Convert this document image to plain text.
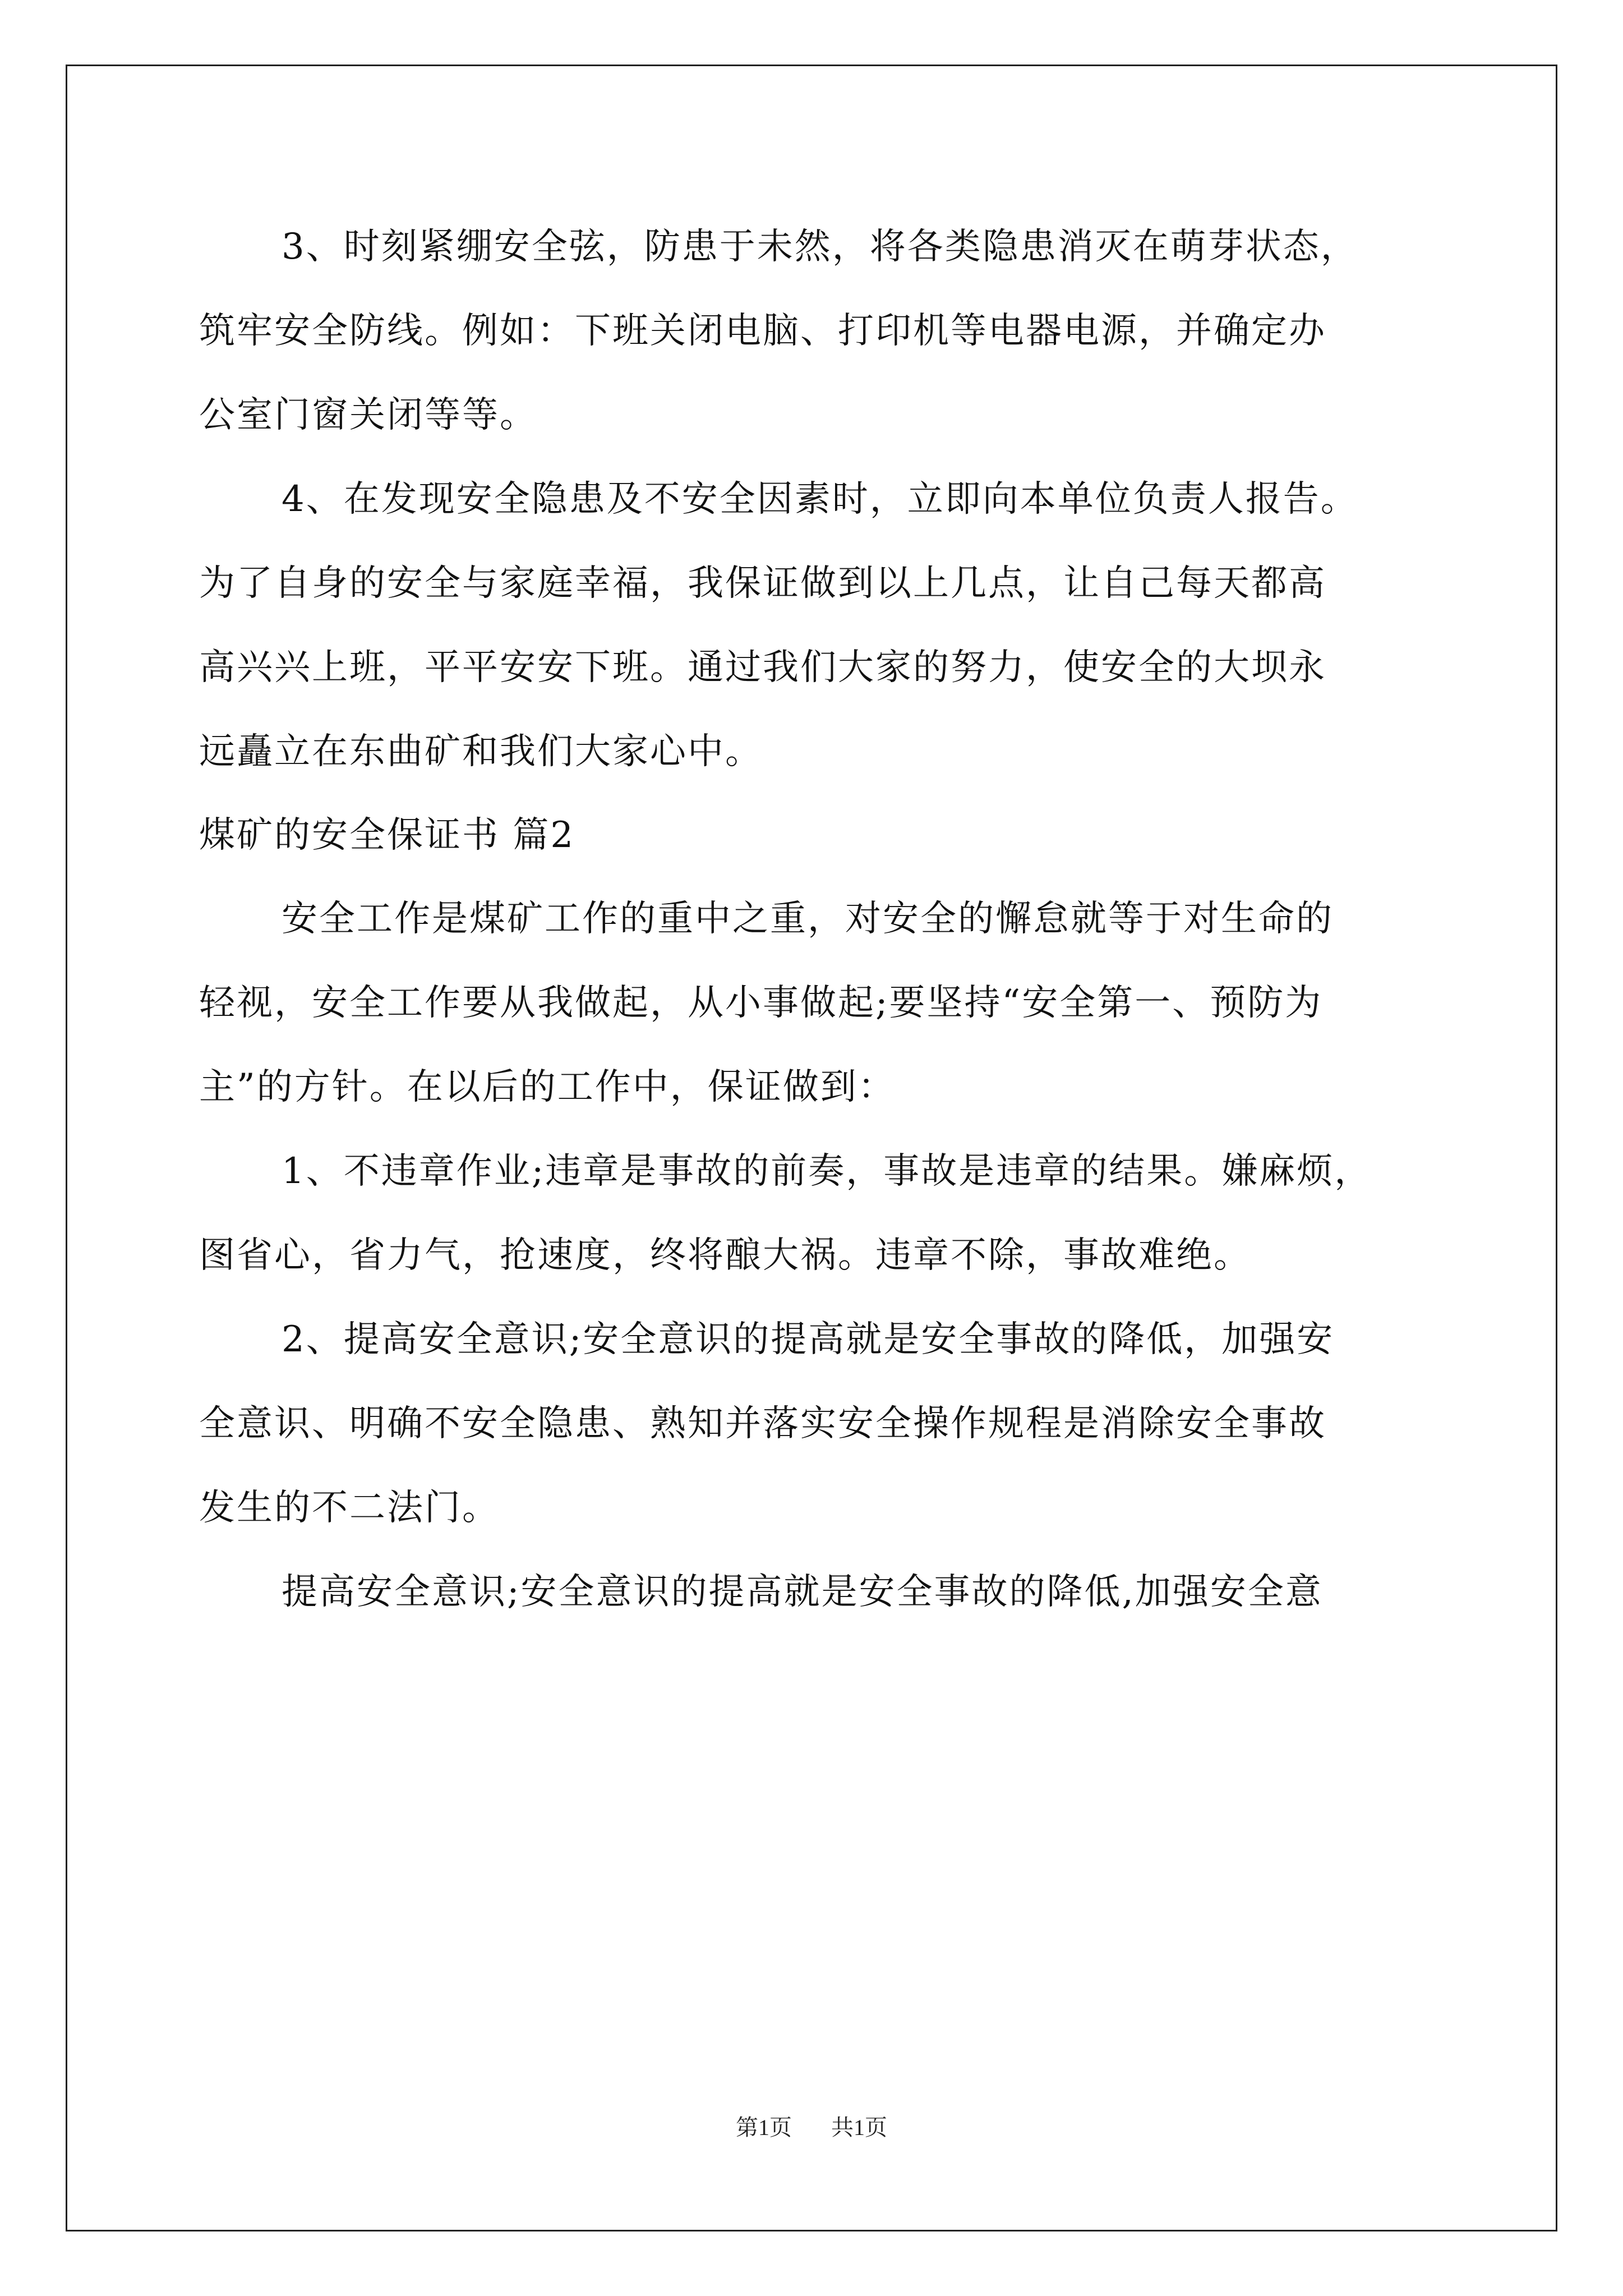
3、时刻紧绷安全弦，防患于未然，将各类隐患消灭在萌芽状态，
筑牢安全防线。例如：下班关闭电脑、打印机等电器电源，并确定办
公室门窗关闭等等。
4、在发现安全隐患及不安全因素时，立即向本单位负责人报告。
为了自身的安全与家庭幸福，我保证做到以上几点，让自己每天都高
高兴兴上班，平平安安下班。通过我们大家的努力，使安全的大坝永
远矗立在东曲矿和我们大家心中。
煤矿的安全保证书 篇2
安全工作是煤矿工作的重中之重，对安全的懈怠就等于对生命的
轻视，安全工作要从我做起，从小事做起;要坚持“安全第一、预防为
主”的方针。在以后的工作中，保证做到：
1、不违章作业;违章是事故的前奏，事故是违章的结果。嫌麻烦，
图省心，省力气，抢速度，终将酿大祸。违章不除，事故难绝。
2、提高安全意识;安全意识的提高就是安全事故的降低，加强安
全意识、明确不安全隐患、熟知并落实安全操作规程是消除安全事故
发生的不二法门。
提高安全意识;安全意识的提高就是安全事故的降低,加强安全意
第1页 共1页
